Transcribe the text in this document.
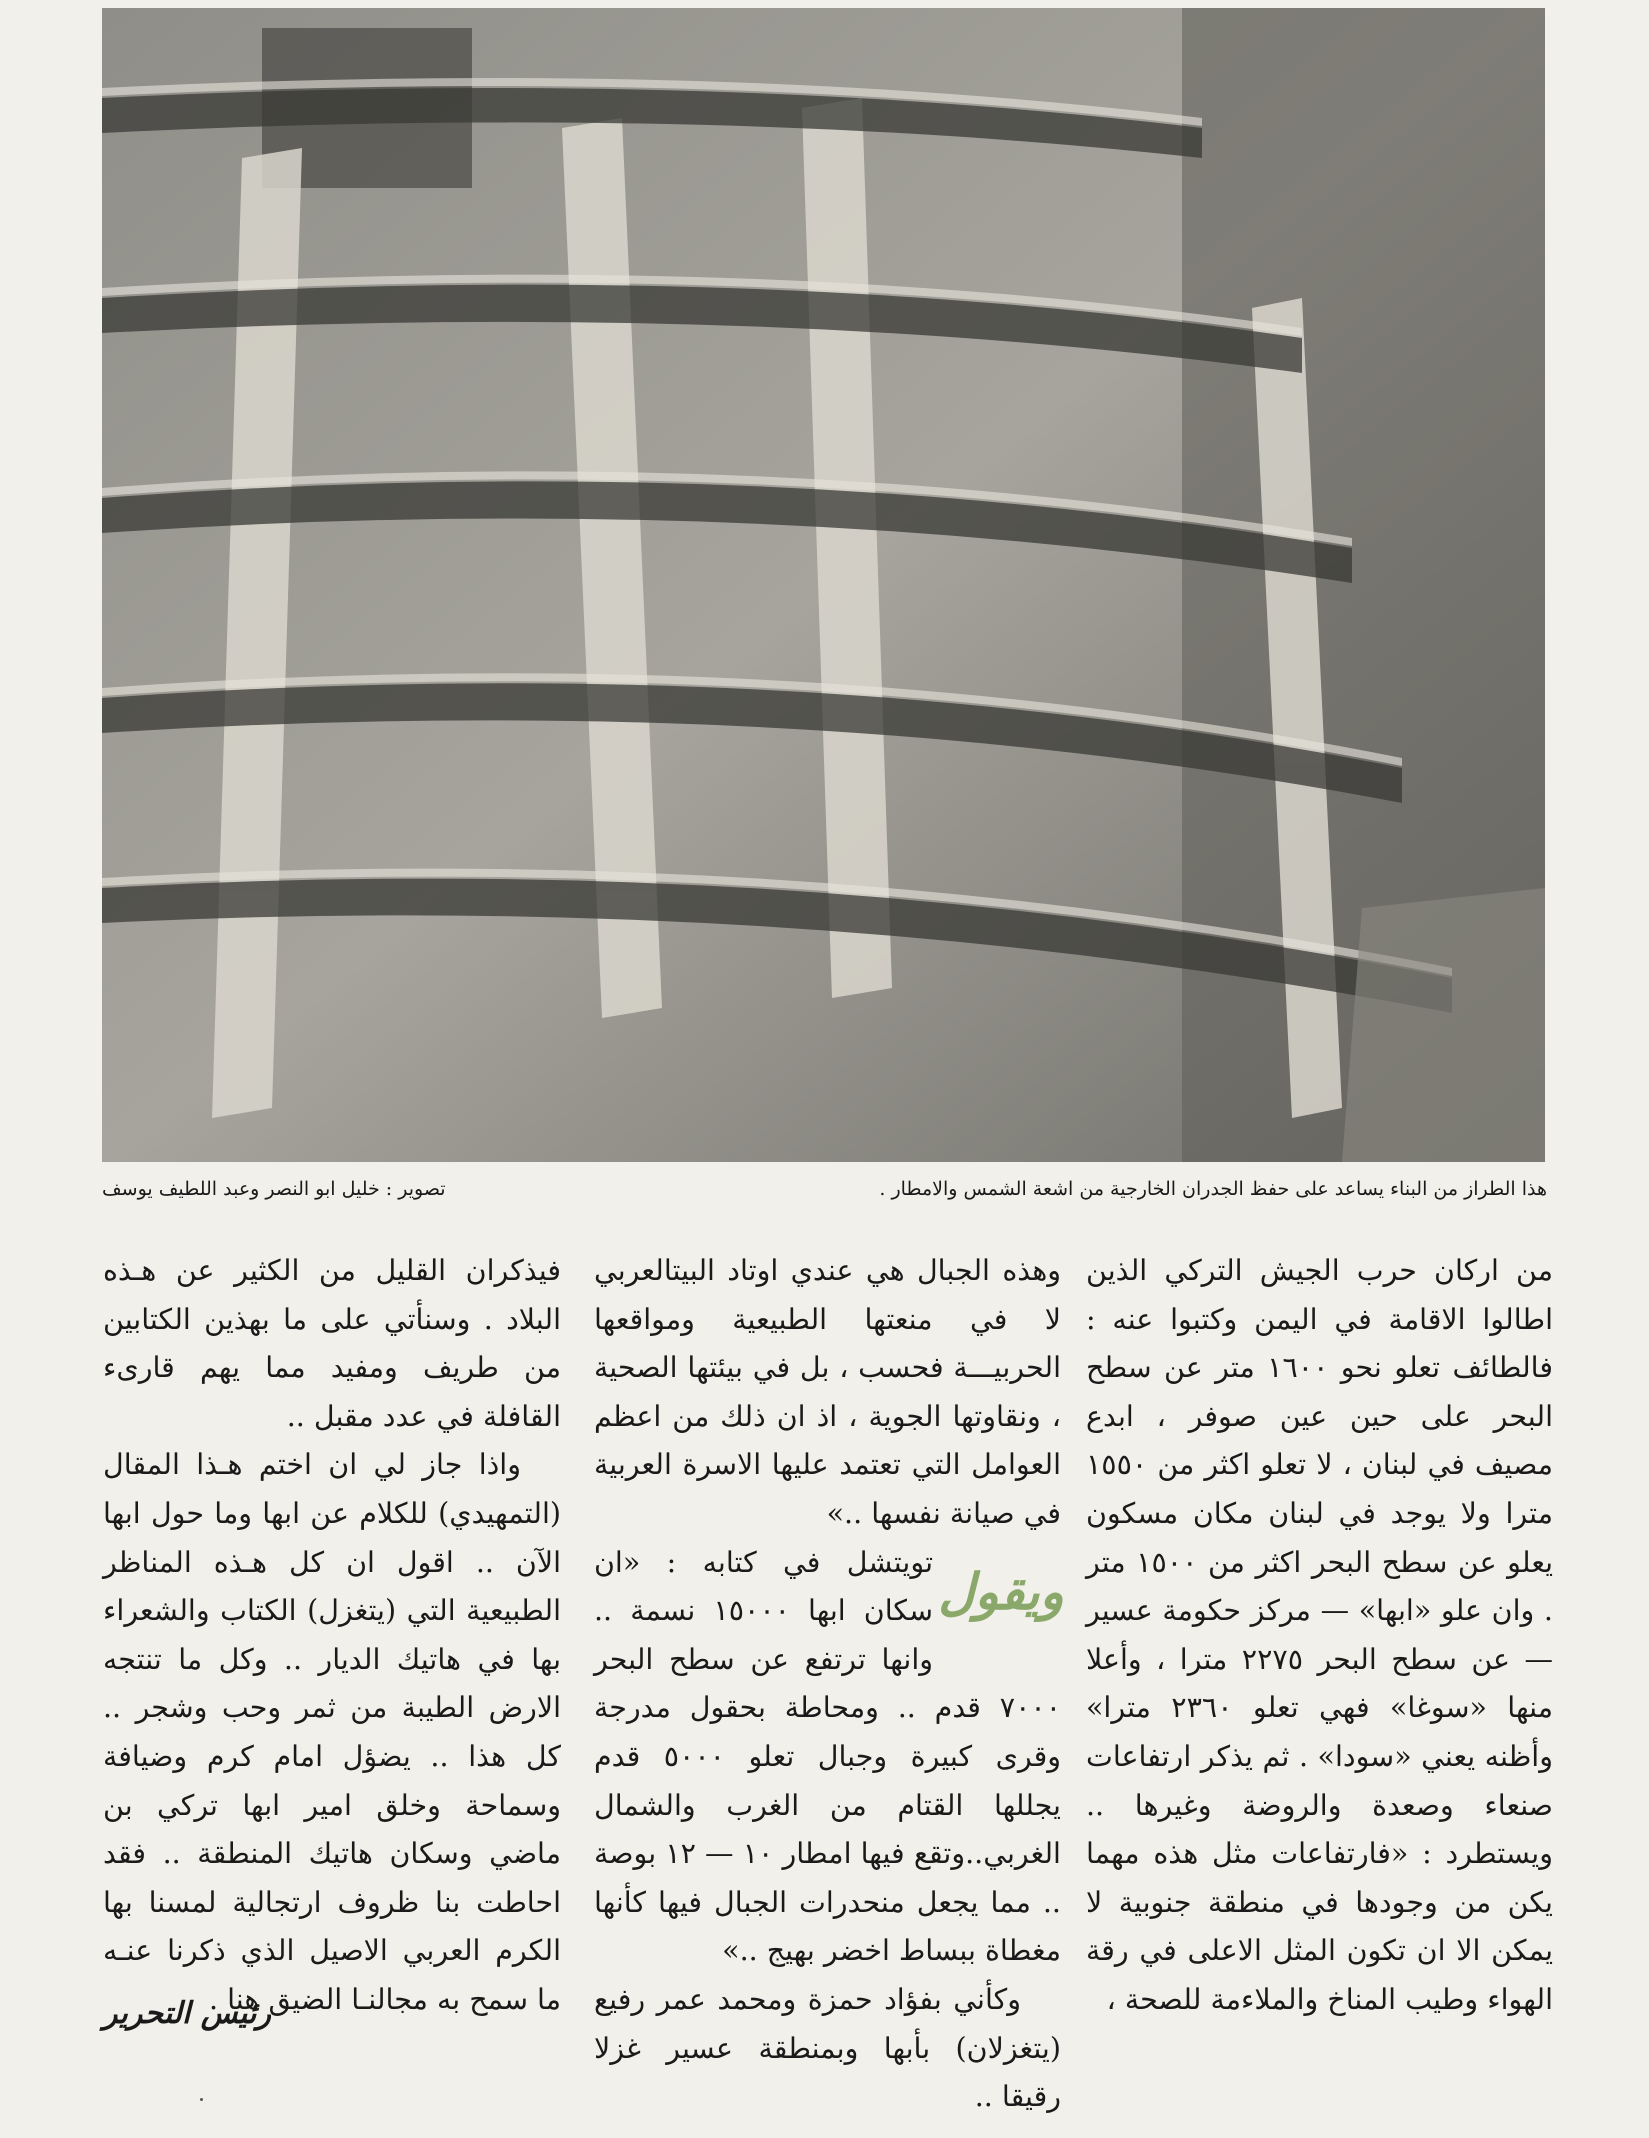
هذا الطراز من البناء يساعد على حفظ الجدران الخارجية من اشعة الشمس والامطار .
تصوير : خليل ابو النصر وعبد اللطيف يوسف

من اركان حرب الجيش التركي الذين اطالوا الاقامة في اليمن وكتبوا عنه : فالطائف تعلو نحو ١٦٠٠ متر عن سطح البحر على حين عين صوفر ، ابدع مصيف في لبنان ، لا تعلو اكثر من ١٥٥٠ مترا ولا يوجد في لبنان مكان مسكون يعلو عن سطح البحر اكثر من ١٥٠٠ متر . وان علو «ابها» — مركز حكومة عسير — عن سطح البحر ٢٢٧٥ مترا ، وأعلا منها «سوغا» فهي تعلو ٢٣٦٠ مترا» وأظنه يعني «سودا» . ثم يذكر ارتفاعات صنعاء وصعدة والروضة وغيرها .. ويستطرد : «فارتفاعات مثل هذه مهما يكن من وجودها في منطقة جنوبية لا يمكن الا ان تكون المثل الاعلى في رقة الهواء وطيب المناخ والملاءمة للصحة ،

وهذه الجبال هي عندي اوتاد البيتالعربي لا في منعتها الطبيعية ومواقعها الحربيـــة فحسب ، بل في بيئتها الصحية ، ونقاوتها الجوية ، اذ ان ذلك من اعظم العوامل التي تعتمد عليها الاسرة العربية في صيانة نفسها ..»

ويقول
تويتشل في كتابه : «ان سكان ابها ١٥٠٠٠ نسمة .. وانها ترتفع عن سطح البحر ٧٠٠٠ قدم .. ومحاطة بحقول مدرجة وقرى كبيرة وجبال تعلو ٥٠٠٠ قدم يجللها القتام من الغرب والشمال الغربي..وتقع فيها امطار ١٠ — ١٢ بوصة .. مما يجعل منحدرات الجبال فيها كأنها مغطاة ببساط اخضر بهيج ..»

وكأني بفؤاد حمزة ومحمد عمر رفيع (يتغزلان) بأبها وبمنطقة عسير غزلا رقيقا ..

فيذكران القليل من الكثير عن هـذه البلاد . وسنأتي على ما بهذين الكتابين من طريف ومفيد مما يهم قارىء القافلة في عدد مقبل ..

واذا جاز لي ان اختم هـذا المقال (التمهيدي) للكلام عن ابها وما حول ابها الآن .. اقول ان كل هـذه المناظر الطبيعية التي (يتغزل) الكتاب والشعراء بها في هاتيك الديار .. وكل ما تنتجه الارض الطيبة من ثمر وحب وشجر .. كل هذا .. يضؤل امام كرم وضيافة وسماحة وخلق امير ابها تركي بن ماضي وسكان هاتيك المنطقة .. فقد احاطت بنا ظروف ارتجالية لمسنا بها الكرم العربي الاصيل الذي ذكرنا عنـه ما سمح به مجالنـا الضيق هنا .

رئيس التحرير
